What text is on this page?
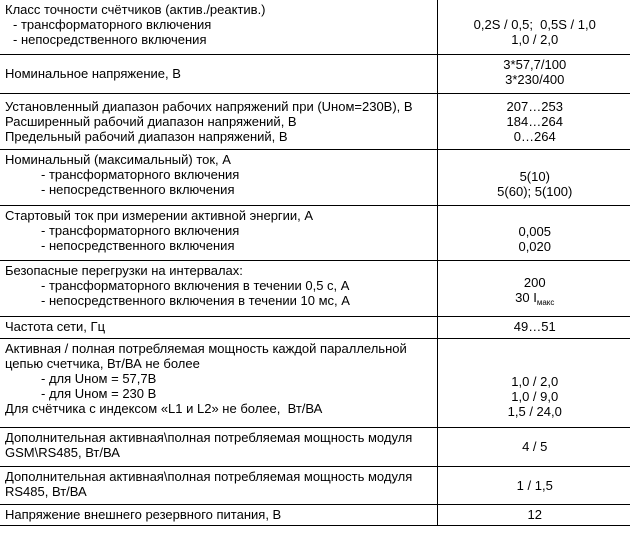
Класс точности счётчиков (актив./реактив.)
- трансформаторного включения
- непосредственного включения	0,2S / 0,5;  0,5S / 1,0
1,0 / 2,0

Номинальное напряжение, В	3*57,7/100
3*230/400

Установленный диапазон рабочих напряжений при (Uном=230В), В
Расширенный рабочий диапазон напряжений, В
Предельный рабочий диапазон напряжений, В	207…253
184…264
0…264

Номинальный (максимальный) ток, А
- трансформаторного включения
- непосредственного включения	5(10)
5(60); 5(100)

Стартовый ток при измерении активной энергии, А
- трансформаторного включения
- непосредственного включения	0,005
0,020

Безопасные перегрузки на интервалах:
- трансформаторного включения в течении 0,5 с, А
- непосредственного включения в течении 10 мс, А	200
30 $I_{макс}$

Частота сети, Гц	49…51

Активная / полная потребляемая мощность каждой параллельной
цепью счетчика, Вт/ВА не более
- для Uном = 57,7В
- для Uном = 230 В
Для счётчика с индексом «L1 и L2» не более,  Вт/ВА	1,0 / 2,0
1,0 / 9,0
1,5 / 24,0

Дополнительная активная\полная потребляемая мощность модуля
GSM\RS485, Вт/ВА	4 / 5

Дополнительная активная\полная потребляемая мощность модуля
RS485, Вт/ВА	1 / 1,5

Напряжение внешнего резервного питания, В	12
